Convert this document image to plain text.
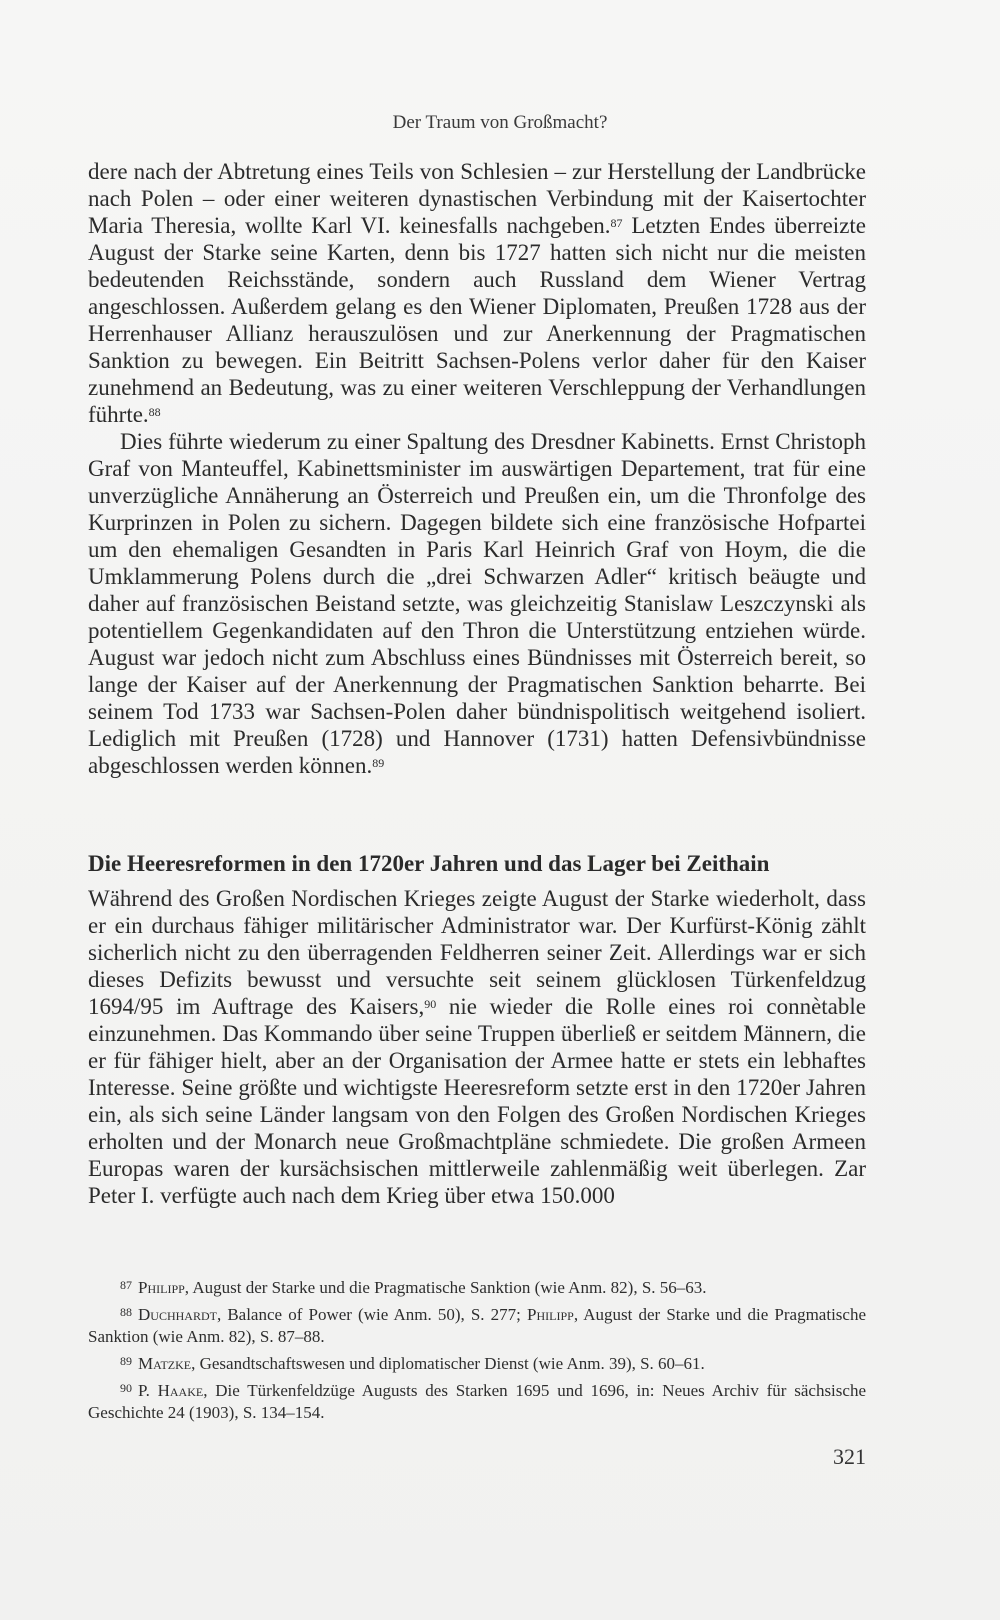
Der Traum von Großmacht?

dere nach der Abtretung eines Teils von Schlesien – zur Herstellung der Landbrücke nach Polen – oder einer weiteren dynastischen Verbindung mit der Kaisertochter Maria Theresia, wollte Karl VI. keinesfalls nachgeben.$^{87}$ Letzten Endes überreizte August der Starke seine Karten, denn bis 1727 hatten sich nicht nur die meisten bedeutenden Reichsstände, sondern auch Russland dem Wiener Vertrag angeschlossen. Außerdem gelang es den Wiener Diplomaten, Preußen 1728 aus der Herrenhauser Allianz herauszulösen und zur Anerkennung der Pragmatischen Sanktion zu bewegen. Ein Beitritt Sachsen-Polens verlor daher für den Kaiser zunehmend an Bedeutung, was zu einer weiteren Verschleppung der Verhandlungen führte.$^{88}$

Dies führte wiederum zu einer Spaltung des Dresdner Kabinetts. Ernst Christoph Graf von Manteuffel, Kabinettsminister im auswärtigen Departement, trat für eine unverzügliche Annäherung an Österreich und Preußen ein, um die Thronfolge des Kurprinzen in Polen zu sichern. Dagegen bildete sich eine französische Hofpartei um den ehemaligen Gesandten in Paris Karl Heinrich Graf von Hoym, die die Umklammerung Polens durch die „drei Schwarzen Adler“ kritisch beäugte und daher auf französischen Beistand setzte, was gleichzeitig Stanislaw Leszczynski als potentiellem Gegenkandidaten auf den Thron die Unterstützung entziehen würde. August war jedoch nicht zum Abschluss eines Bündnisses mit Österreich bereit, so lange der Kaiser auf der Anerkennung der Pragmatischen Sanktion beharrte. Bei seinem Tod 1733 war Sachsen-Polen daher bündnispolitisch weitgehend isoliert. Lediglich mit Preußen (1728) und Hannover (1731) hatten Defensivbündnisse abgeschlossen werden können.$^{89}$

Die Heeresreformen in den 1720er Jahren und das Lager bei Zeithain

Während des Großen Nordischen Krieges zeigte August der Starke wiederholt, dass er ein durchaus fähiger militärischer Administrator war. Der Kurfürst-König zählt sicherlich nicht zu den überragenden Feldherren seiner Zeit. Allerdings war er sich dieses Defizits bewusst und versuchte seit seinem glücklosen Türkenfeldzug 1694/95 im Auftrage des Kaisers,$^{90}$ nie wieder die Rolle eines roi connètable einzunehmen. Das Kommando über seine Truppen überließ er seitdem Männern, die er für fähiger hielt, aber an der Organisation der Armee hatte er stets ein lebhaftes Interesse. Seine größte und wichtigste Heeresreform setzte erst in den 1720er Jahren ein, als sich seine Länder langsam von den Folgen des Großen Nordischen Krieges erholten und der Monarch neue Großmachtpläne schmiedete. Die großen Armeen Europas waren der kursächsischen mittlerweile zahlenmäßig weit überlegen. Zar Peter I. verfügte auch nach dem Krieg über etwa 150.000

$^{87}$ Philipp, August der Starke und die Pragmatische Sanktion (wie Anm. 82), S. 56–63.

$^{88}$ Duchhardt, Balance of Power (wie Anm. 50), S. 277; Philipp, August der Starke und die Pragmatische Sanktion (wie Anm. 82), S. 87–88.

$^{89}$ Matzke, Gesandtschaftswesen und diplomatischer Dienst (wie Anm. 39), S. 60–61.

$^{90}$ P. Haake, Die Türkenfeldzüge Augusts des Starken 1695 und 1696, in: Neues Archiv für sächsische Geschichte 24 (1903), S. 134–154.

321
